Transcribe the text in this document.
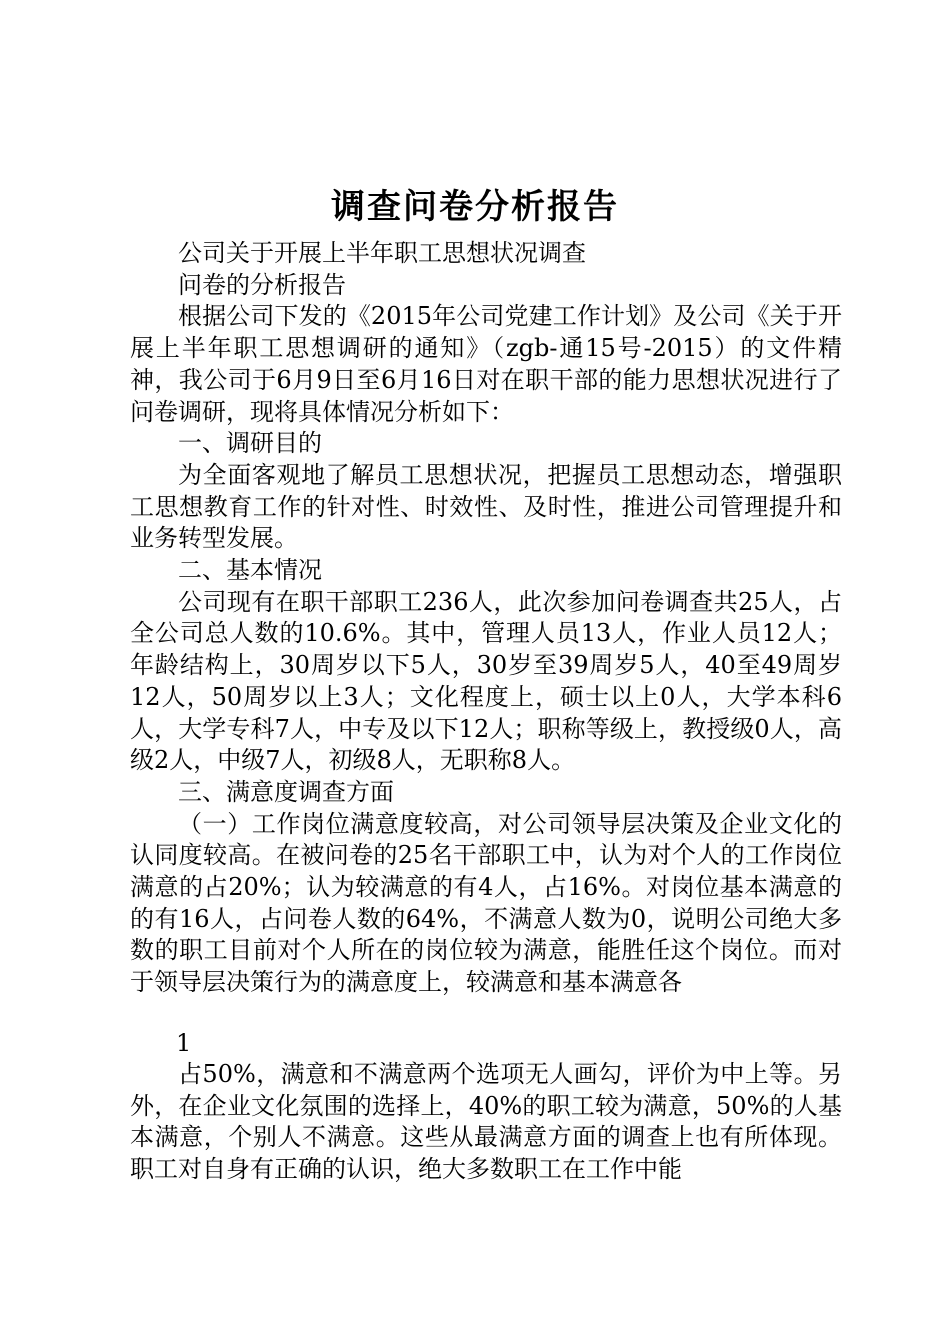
调查问卷分析报告

公司关于开展上半年职工思想状况调查

问卷的分析报告

根据公司下发的《2015年公司党建工作计划》及公司《关于开展上半年职工思想调研的通知》（zgb-通15号-2015）的文件精神，我公司于6月9日至6月16日对在职干部的能力思想状况进行了问卷调研，现将具体情况分析如下：

一、调研目的

为全面客观地了解员工思想状况，把握员工思想动态，增强职工思想教育工作的针对性、时效性、及时性，推进公司管理提升和业务转型发展。

二、基本情况

公司现有在职干部职工236人，此次参加问卷调查共25人，占全公司总人数的10.6%。其中，管理人员13人，作业人员12人；年龄结构上，30周岁以下5人，30岁至39周岁5人，40至49周岁12人，50周岁以上3人；文化程度上，硕士以上0人，大学本科6人，大学专科7人，中专及以下12人；职称等级上，教授级0人，高级2人，中级7人，初级8人，无职称8人。

三、满意度调查方面

（一）工作岗位满意度较高，对公司领导层决策及企业文化的认同度较高。在被问卷的25名干部职工中，认为对个人的工作岗位满意的占20%；认为较满意的有4人，占16%。对岗位基本满意的的有16人，占问卷人数的64%，不满意人数为0，说明公司绝大多数的职工目前对个人所在的岗位较为满意，能胜任这个岗位。而对于领导层决策行为的满意度上，较满意和基本满意各

1

占50%，满意和不满意两个选项无人画勾，评价为中上等。另外，在企业文化氛围的选择上，40%的职工较为满意，50%的人基本满意，个别人不满意。这些从最满意方面的调查上也有所体现。职工对自身有正确的认识，绝大多数职工在工作中能
